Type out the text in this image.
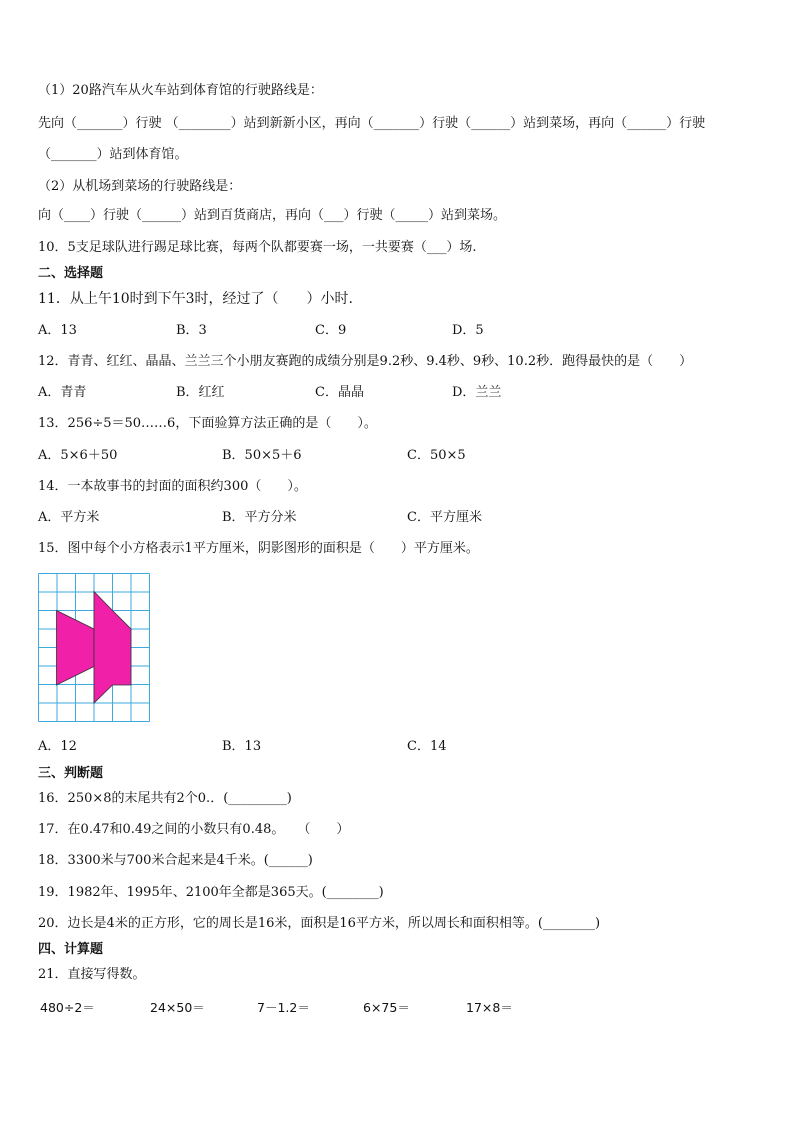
（1）20路汽车从火车站到体育馆的行驶路线是：
先向（_______）行驶 （________）站到新新小区，再向（_______）行驶（______）站到菜场，再向（______）行驶
（_______）站到体育馆。
（2）从机场到菜场的行驶路线是：
向（____）行驶（______）站到百货商店，再向（___）行驶（_____）站到菜场。
10．5支足球队进行踢足球比赛，每两个队都要赛一场，一共要赛（___）场.
二、选择题
11．从上午10时到下午3时，经过了（　　）小时.
A．13	B．3	C．9	D．5
12．青青、红红、晶晶、兰兰三个小朋友赛跑的成绩分别是9.2秒、9.4秒、9秒、10.2秒．跑得最快的是（　　）
A．青青	B．红红	C．晶晶	D．兰兰
13．256÷5＝50……6，下面验算方法正确的是（　　）。
A．5×6＋50	B．50×5＋6	C．50×5
14．一本故事书的封面的面积约300（　　）。
A．平方米	B．平方分米	C．平方厘米
15．图中每个小方格表示1平方厘米，阴影图形的面积是（　　）平方厘米。
A．12	B．13	C．14
三、判断题
16．250×8的末尾共有2个0.．(_________)
17．在0.47和0.49之间的小数只有0.48。　　（　　）
18．3300米与700米合起来是4千米。(______)
19．1982年、1995年、2100年全都是365天。(________)
20．边长是4米的正方形，它的周长是16米，面积是16平方米，所以周长和面积相等。(________)
四、计算题
21．直接写得数。
480÷2＝	24×50＝	7－1.2＝	6×75＝	17×8＝
